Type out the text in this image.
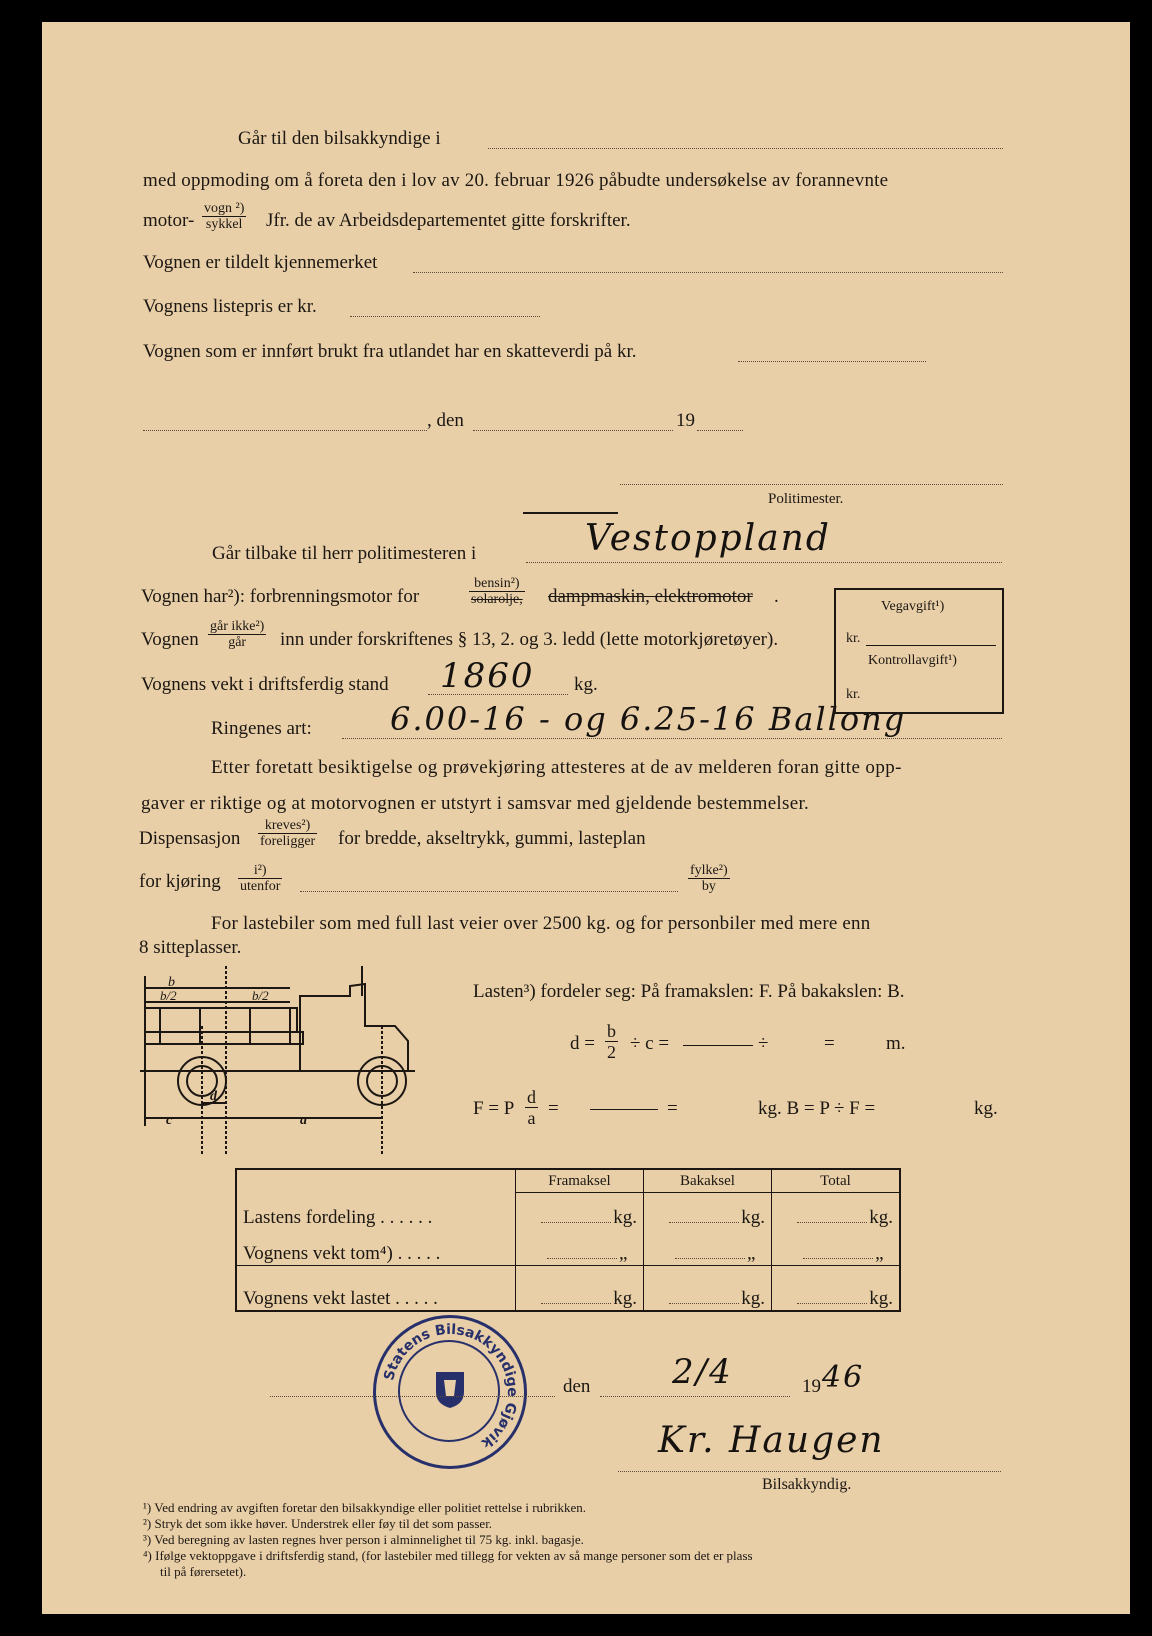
Går til den bilsakkyndige i
med oppmoding om å foreta den i lov av 20. februar 1926 påbudte undersøkelse av forannevnte
motor-
vogn ²)
sykkel Jfr. de av Arbeidsdepartementet gitte forskrifter.
Vognen er tildelt kjennemerket
Vognens listepris er kr.
Vognen som er innført brukt fra utlandet har en skatteverdi på kr.
, den	19
Politimester.
Går tilbake til herr politimesteren i	Vestoppland
Vognen har²): forbrenningsmotor for
bensin²)
solarolje, dampmaskin, elektromotor .
Vognen
går ikke²)
går	inn under forskriftenes § 13, 2. og 3. ledd (lette motorkjøretøyer).
Vognens vekt i driftsferdig stand 1860 kg.
Ringenes art: 6.00-16 - og 6.25-16 Ballong
Vegavgift¹)
kr.
Kontrollavgift¹)
kr.
Etter foretatt besiktigelse og prøvekjøring attesteres at de av melderen foran gitte opp-
gaver er riktige og at motorvognen er utstyrt i samsvar med gjeldende bestemmelser.
Dispensasjon
kreves²)
foreligger for bredde, akseltrykk, gummi, lasteplan
for kjøring
i²)
utenfor
fylke²)
by
For lastebiler som med full last veier over 2500 kg. og for personbiler med mere enn
8 sitteplasser.
b
b/2	b/2
c
d
a
Lasten³) fordeler seg: På framakslen: F. På bakakslen: B.
$d = \frac{b}{2} \div c$ =	÷	=	m.
F = P $\frac{d}{a}$ =	=	kg. B = P ÷ F =	kg.
	Framaksel	Bakaksel	Total
Lastens fordeling . . . . . .	kg.	kg.	kg.
Vognens vekt tom⁴) . . . . .	„	„	„
Vognens vekt lastet . . . . .	kg.	kg.	kg.
Statens Bilsakkyndige Gjøvik
den 2/4	19 46
Kr. Haugen
Bilsakkyndig.
¹) Ved endring av avgiften foretar den bilsakkyndige eller politiet rettelse i rubrikken.
²) Stryk det som ikke høver. Understrek eller føy til det som passer.
³) Ved beregning av lasten regnes hver person i alminnelighet til 75 kg. inkl. bagasje.
⁴) Ifølge vektoppgave i driftsferdig stand, (for lastebiler med tillegg for vekten av så mange personer som det er plass
til på førersetet).
